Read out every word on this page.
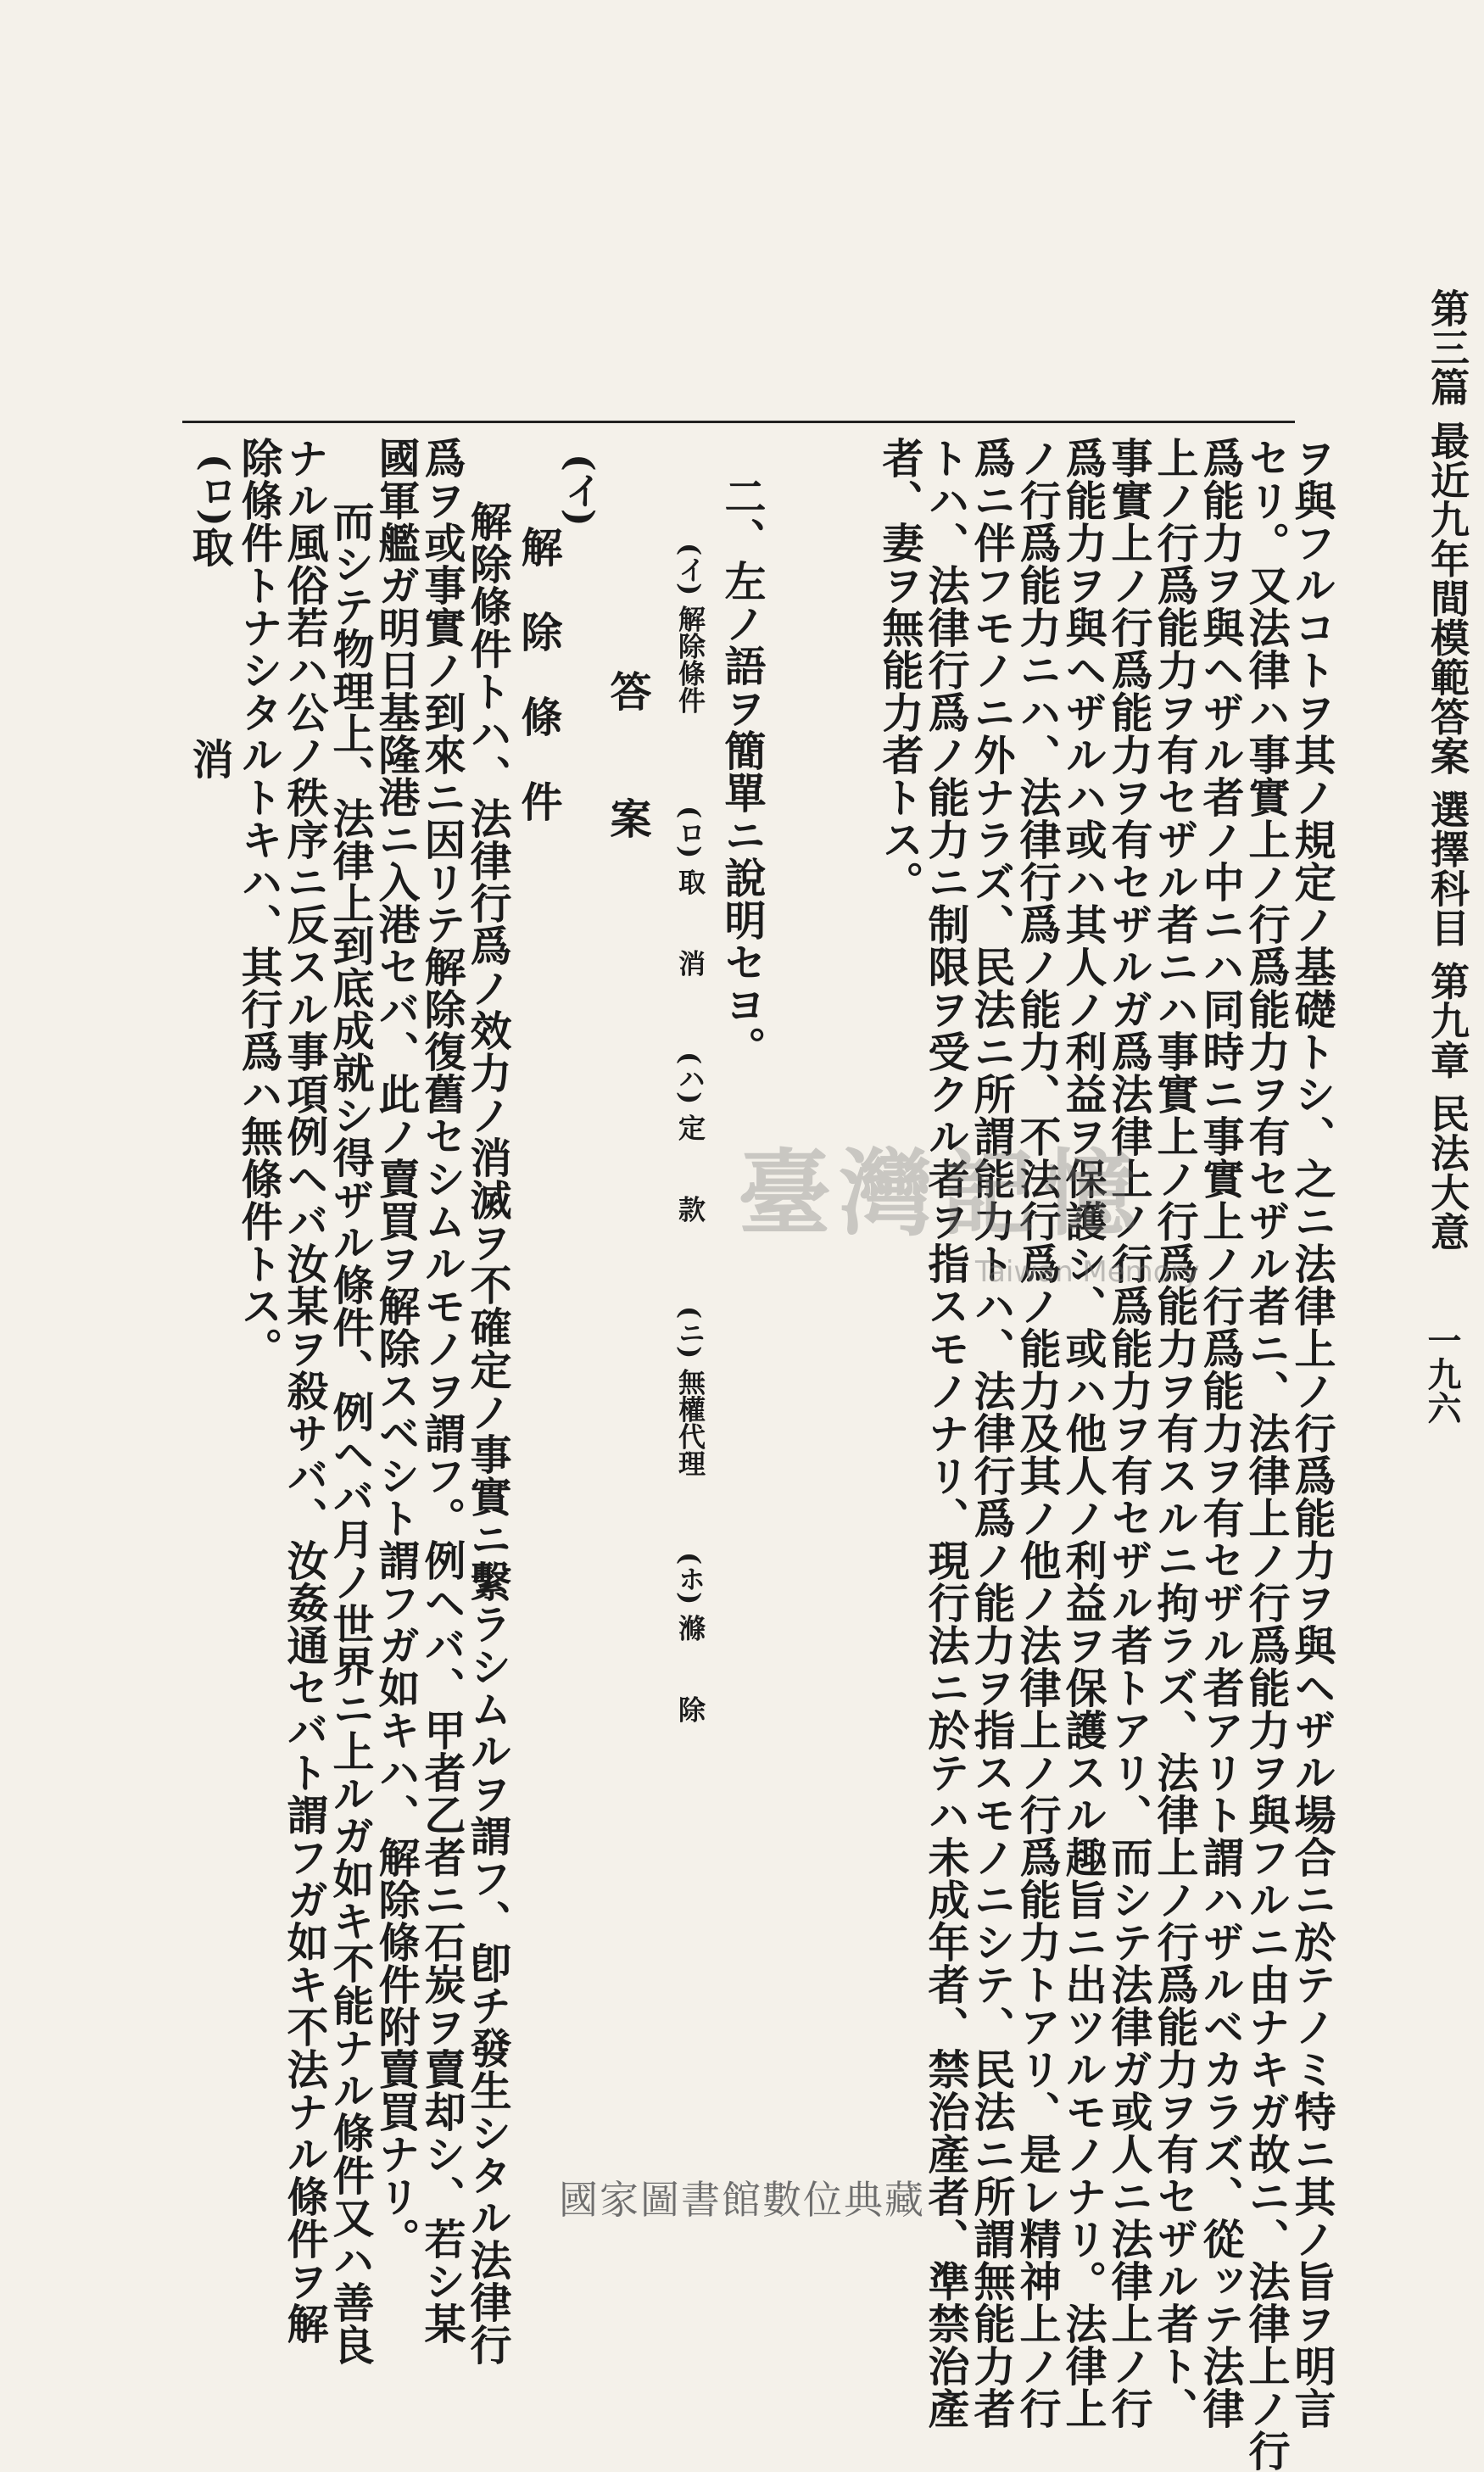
第三篇 最近九年間模範答案 選擇科目 第九章 民法大意
一九六
ヲ與フルコトヲ其ノ規定ノ基礎トシ、之ニ法律上ノ行爲能力ヲ與ヘザル場合ニ於テノミ特ニ其ノ旨ヲ明言
セリ。又法律ハ事實上ノ行爲能力ヲ有セザル者ニ、法律上ノ行爲能力ヲ與フルニ由ナキガ故ニ、法律上ノ行
爲能力ヲ與ヘザル者ノ中ニハ同時ニ事實上ノ行爲能力ヲ有セザル者アリト謂ハザルベカラズ、從ッテ法律
上ノ行爲能力ヲ有セザル者ニハ事實上ノ行爲能力ヲ有スルニ拘ラズ、法律上ノ行爲能力ヲ有セザル者ト、
事實上ノ行爲能力ヲ有セザルガ爲法律上ノ行爲能力ヲ有セザル者トアリ、而シテ法律ガ或人ニ法律上ノ行
爲能力ヲ與ヘザルハ或ハ其人ノ利益ヲ保護シ、或ハ他人ノ利益ヲ保護スル趣旨ニ出ツルモノナリ。法律上
ノ行爲能力ニハ、法律行爲ノ能力、不法行爲ノ能力及其ノ他ノ法律上ノ行爲能力トアリ、是レ精神上ノ行
爲ニ伴フモノニ外ナラズ、民法ニ所謂能力トハ、法律行爲ノ能力ヲ指スモノニシテ、民法ニ所謂無能力者
トハ、法律行爲ノ能力ニ制限ヲ受クル者ヲ指スモノナリ、現行法ニ於テハ未成年者、禁治產者、準禁治產
者、妻ヲ無能力者トス。
二、左ノ語ヲ簡單ニ說明セヨ。
(イ) 解除條件
(ロ) 取　　消
(ハ) 定　　款
(ニ) 無權代理
(ホ) 滌　　除
答　　案
(イ)
解　除　條　件
解除條件トハ、法律行爲ノ效力ノ消滅ヲ不確定ノ事實ニ繫ラシムルヲ謂フ、卽チ發生シタル法律行
爲ヲ或事實ノ到來ニ因リテ解除復舊セシムルモノヲ謂フ。例ヘバ、甲者乙者ニ石炭ヲ賣却シ、若シ某
國軍艦ガ明日基隆港ニ入港セバ、此ノ賣買ヲ解除スベシト謂フガ如キハ、解除條件附賣買ナリ。
而シテ物理上、法律上到底成就シ得ザル條件、例ヘバ月ノ世界ニ上ルガ如キ不能ナル條件又ハ善良
ナル風俗若ハ公ノ秩序ニ反スル事項例ヘバ汝某ヲ殺サバ、汝姦通セバト謂フガ如キ不法ナル條件ヲ解
除條件トナシタルトキハ、其行爲ハ無條件トス。
(ロ)
取　　　　消
臺灣記憶
Taiwan Memory
國家圖書館數位典藏
